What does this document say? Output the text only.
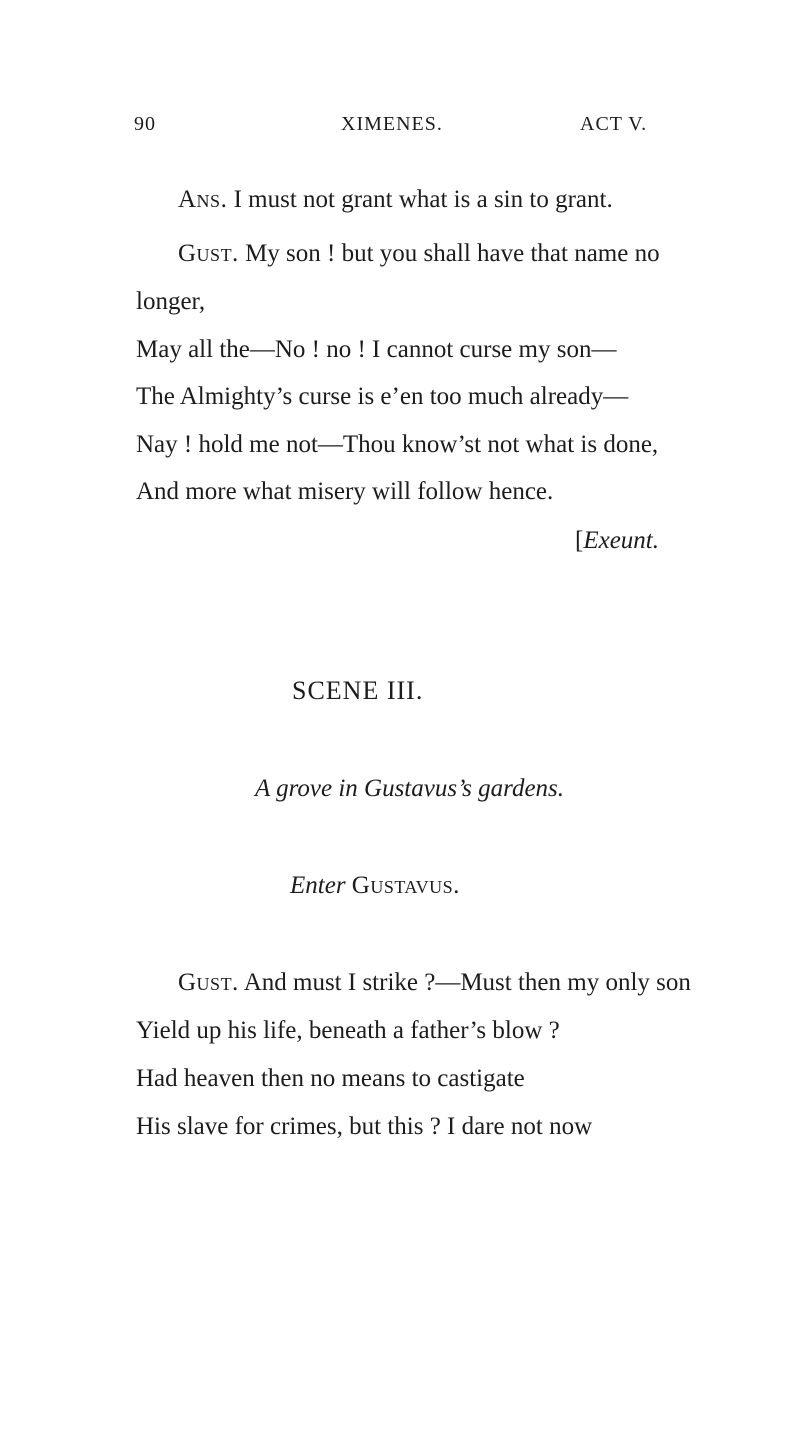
90	XIMENES.	ACT V.
Ans. I must not grant what is a sin to grant.
Gust. My son ! but you shall have that name no
longer,
May all the—No ! no ! I cannot curse my son—
The Almighty’s curse is e’en too much already—
Nay ! hold me not—Thou know’st not what is done,
And more what misery will follow hence.
[Exeunt.
SCENE III.
A grove in Gustavus’s gardens.
Enter Gustavus.
Gust. And must I strike ?—Must then my only son
Yield up his life, beneath a father’s blow ?
Had heaven then no means to castigate
His slave for crimes, but this ? I dare not now
